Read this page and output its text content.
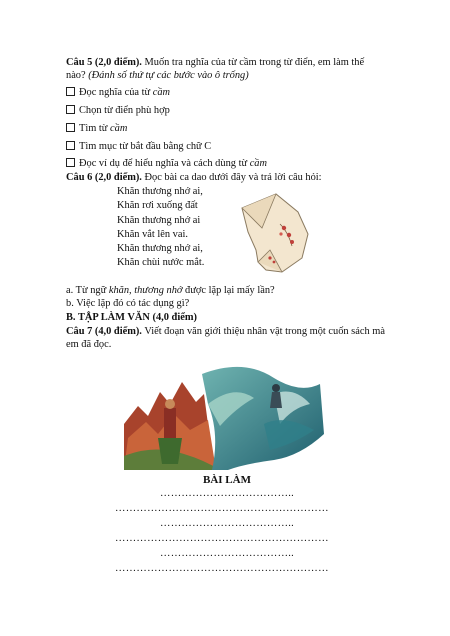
Câu 5 (2,0 điểm). Muốn tra nghĩa của từ cầm trong từ điển, em làm thế
nào? (Đánh số thứ tự các bước vào ô trống)
Đọc nghĩa của từ cầm
Chọn từ điển phù hợp
Tìm từ cầm
Tìm mục từ bắt đầu bằng chữ C
Đọc ví dụ để hiểu nghĩa và cách dùng từ cầm
Câu 6 (2,0 điểm). Đọc bài ca dao dưới đây và trả lời câu hỏi:
Khăn thương nhớ ai,
Khăn rơi xuống đất
Khăn thương nhớ ai
Khăn vắt lên vai.
Khăn thương nhớ ai,
Khăn chùi nước mắt.
a. Từ ngữ khăn, thương nhớ được lặp lại mấy lần?
b. Việc lặp đó có tác dụng gì?
B. TẬP LÀM VĂN (4,0 điểm)
Câu 7 (4,0 điểm). Viết đoạn văn giới thiệu nhân vật trong một cuốn sách mà
em đã đọc.
BÀI LÀM
………………………………..
……………………………………………………
………………………………..
……………………………………………………
………………………………..
……………………………………………………
